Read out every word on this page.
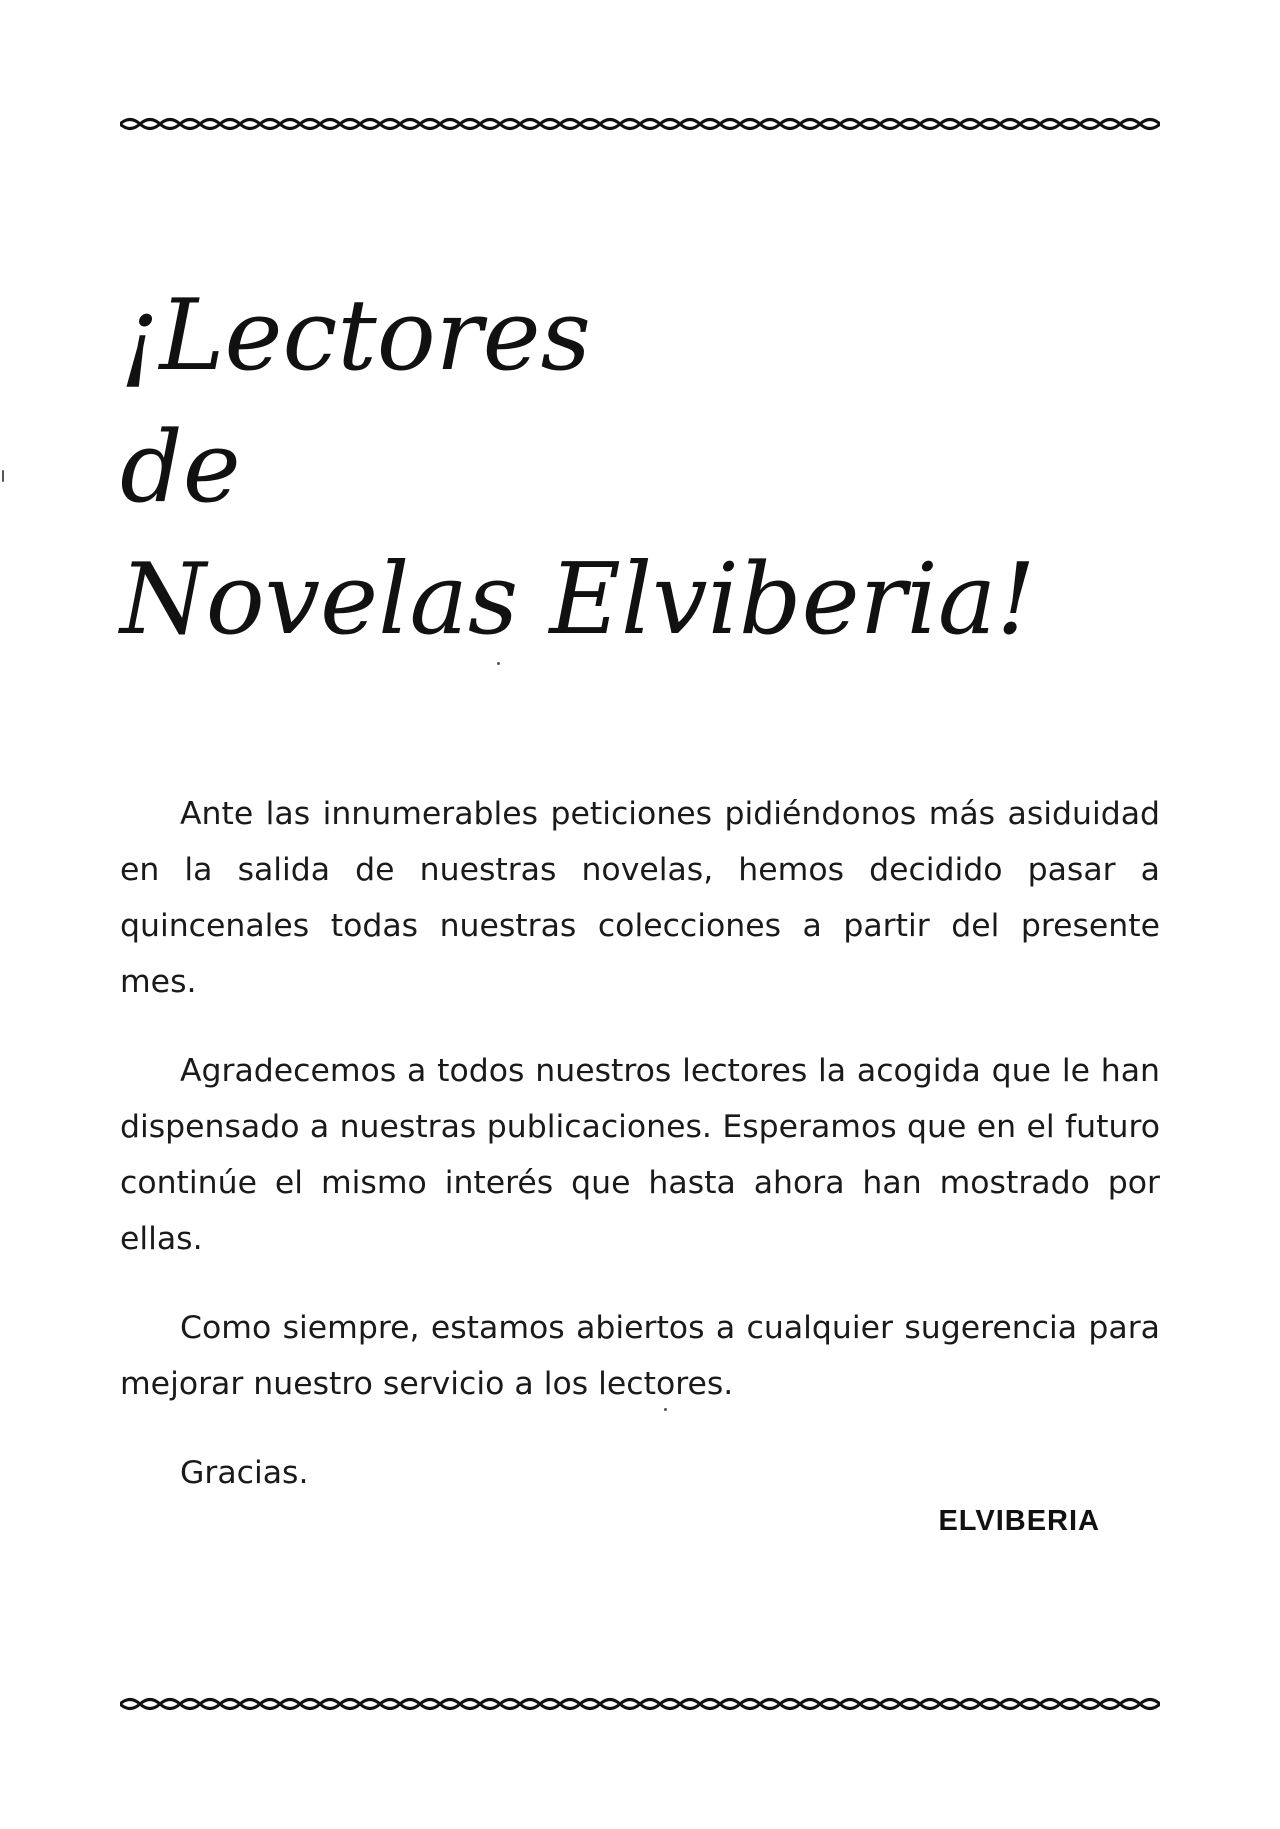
¡Lectores
de
Novelas Elviberia!

Ante las innumerables peticiones pidiéndonos más asiduidad en la salida de nuestras novelas, hemos decidido pasar a quincenales todas nuestras colecciones a partir del presente mes.

Agradecemos a todos nuestros lectores la acogida que le han dispensado a nuestras publicaciones. Esperamos que en el futuro continúe el mismo interés que hasta ahora han mostrado por ellas.

Como siempre, estamos abiertos a cualquier sugerencia para mejorar nuestro servicio a los lectores.

Gracias.

ELVIBERIA
